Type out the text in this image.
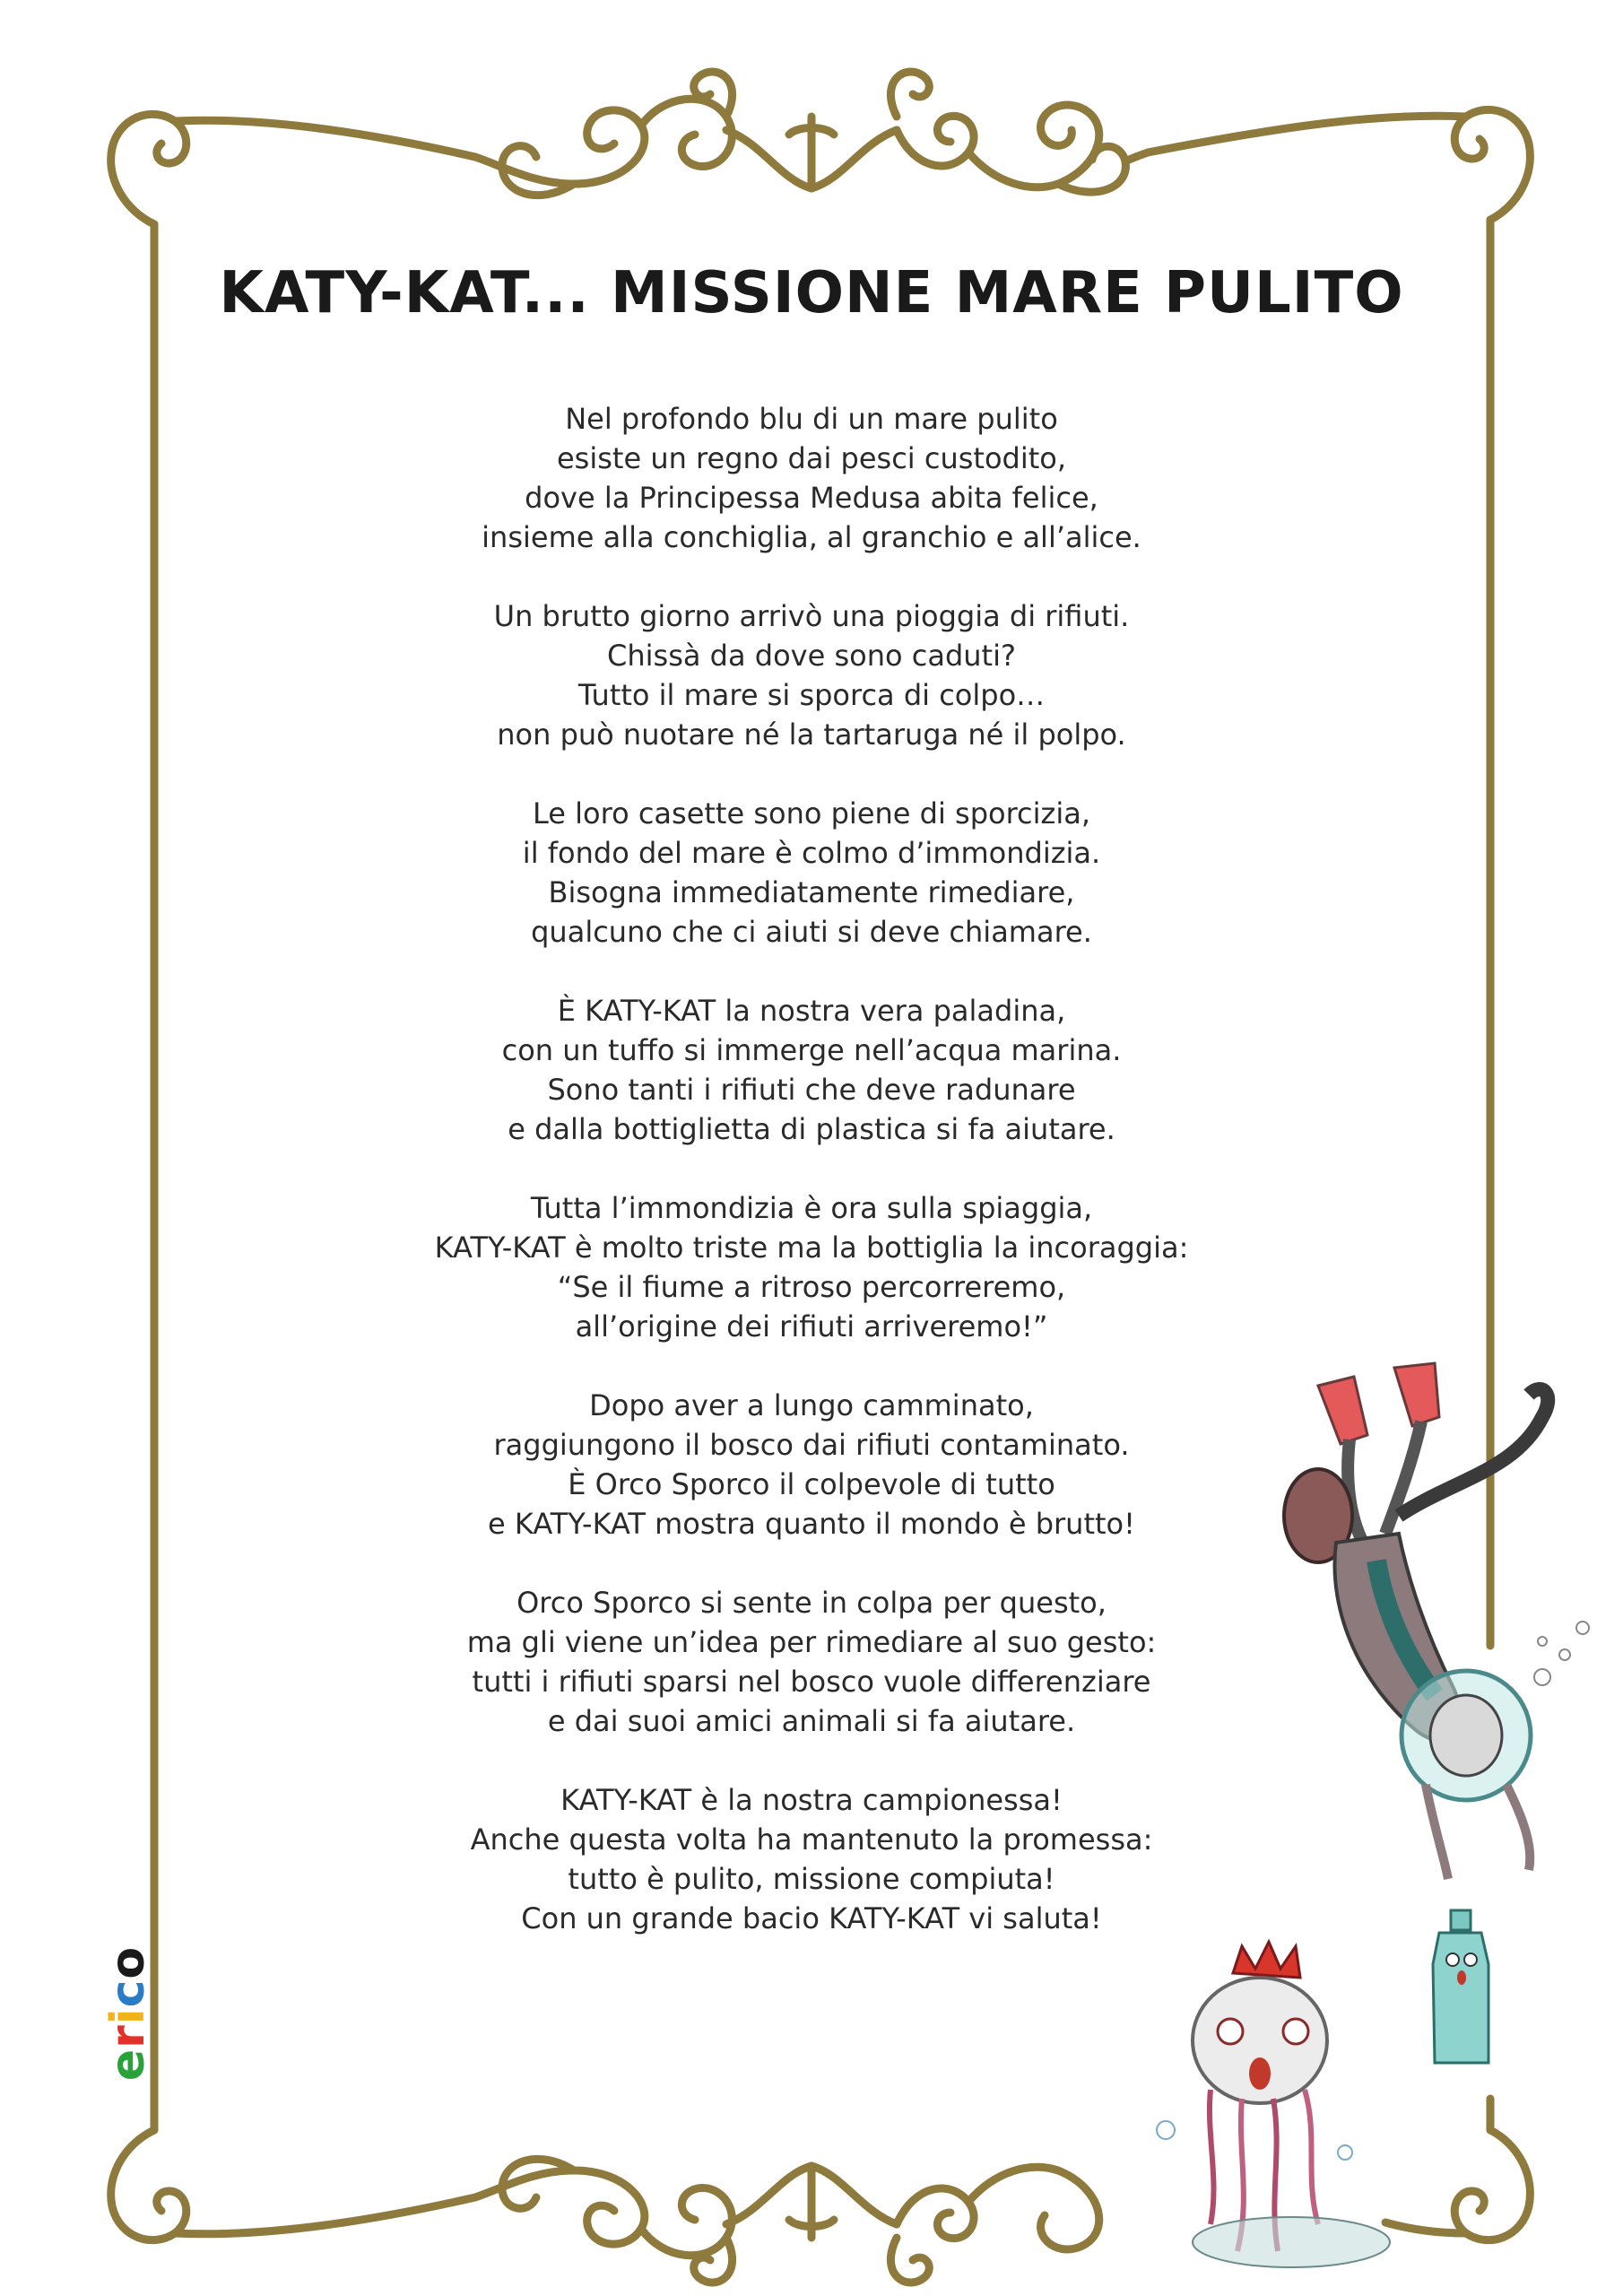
KATY-KAT... MISSIONE MARE PULITO
Nel profondo blu di un mare pulito
esiste un regno dai pesci custodito,
dove la Principessa Medusa abita felice,
insieme alla conchiglia, al granchio e all’alice.
Un brutto giorno arrivò una pioggia di rifiuti.
Chissà da dove sono caduti?
Tutto il mare si sporca di colpo…
non può nuotare né la tartaruga né il polpo.
Le loro casette sono piene di sporcizia,
il fondo del mare è colmo d’immondizia.
Bisogna immediatamente rimediare,
qualcuno che ci aiuti si deve chiamare.
È KATY-KAT la nostra vera paladina,
con un tuffo si immerge nell’acqua marina.
Sono tanti i rifiuti che deve radunare
e dalla bottiglietta di plastica si fa aiutare.
Tutta l’immondizia è ora sulla spiaggia,
KATY-KAT è molto triste ma la bottiglia la incoraggia:
“Se il fiume a ritroso percorreremo,
all’origine dei rifiuti arriveremo!”
Dopo aver a lungo camminato,
raggiungono il bosco dai rifiuti contaminato.
È Orco Sporco il colpevole di tutto
e KATY-KAT mostra quanto il mondo è brutto!
Orco Sporco si sente in colpa per questo,
ma gli viene un’idea per rimediare al suo gesto:
tutti i rifiuti sparsi nel bosco vuole differenziare
e dai suoi amici animali si fa aiutare.
KATY-KAT è la nostra campionessa!
Anche questa volta ha mantenuto la promessa:
tutto è pulito, missione compiuta!
Con un grande bacio KATY-KAT vi saluta!
erico
